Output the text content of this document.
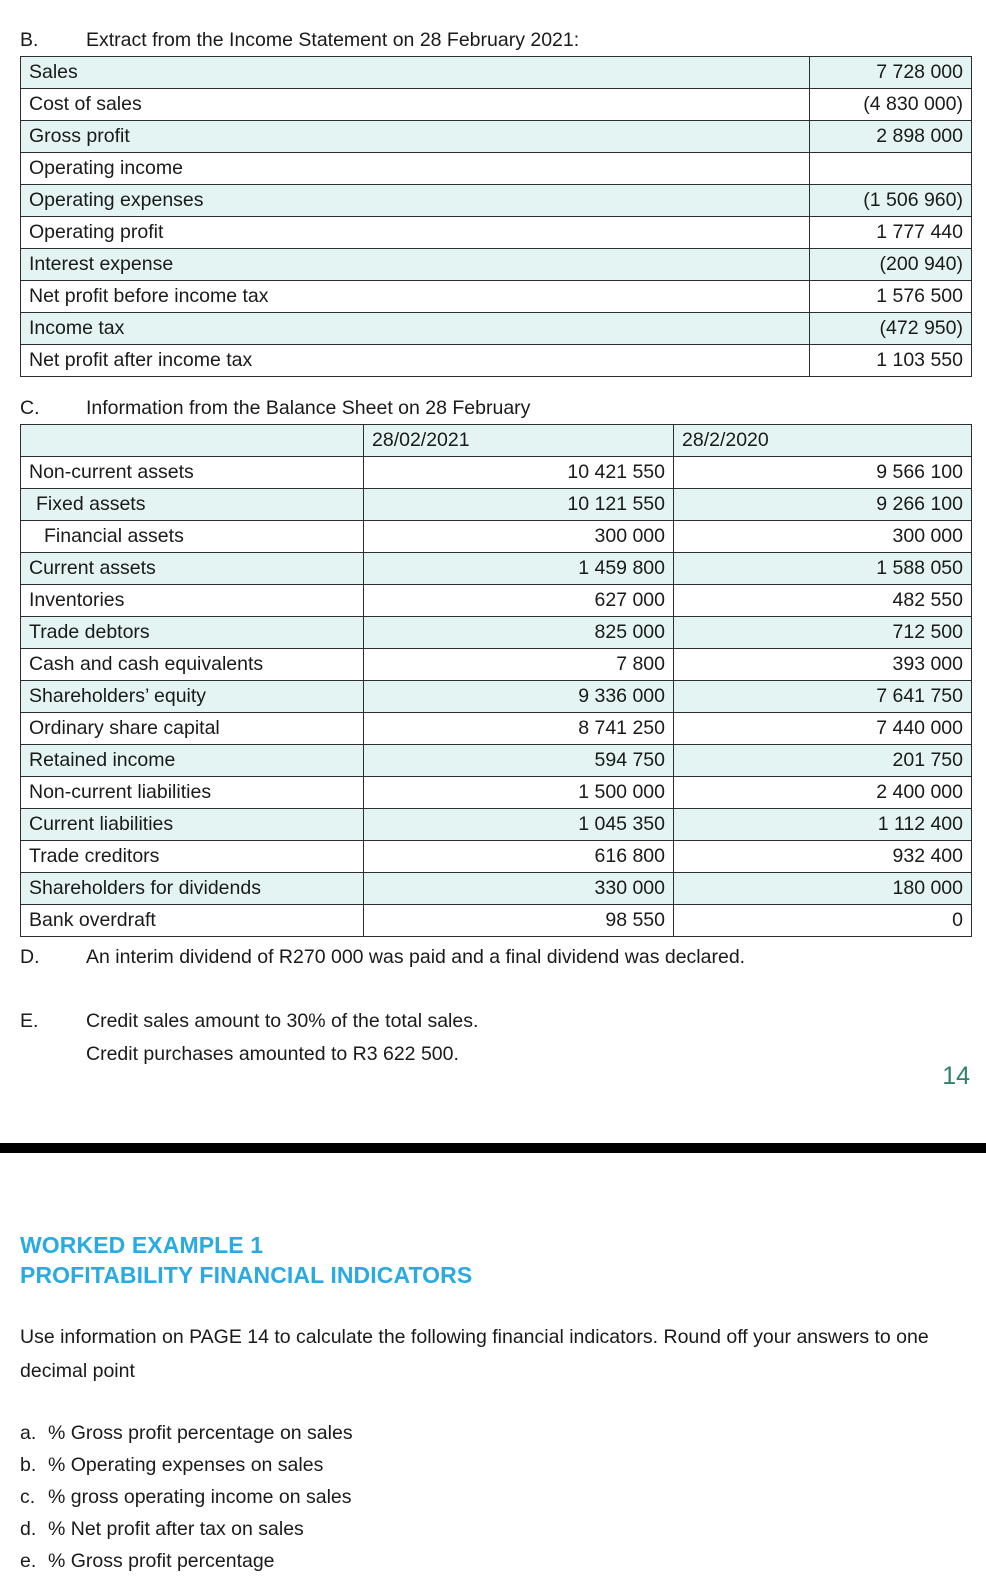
B. Extract from the Income Statement on 28 February 2021:
Sales	7 728 000
Cost of sales	(4 830 000)
Gross profit	2 898 000
Operating income	
Operating expenses	(1 506 960)
Operating profit	1 777 440
Interest expense	(200 940)
Net profit before income tax	1 576 500
Income tax	(472 950)
Net profit after income tax	1 103 550
C. Information from the Balance Sheet on 28 February
	28/02/2021	28/2/2020
Non-current assets	10 421 550	9 566 100
Fixed assets	10 121 550	9 266 100
Financial assets	300 000	300 000
Current assets	1 459 800	1 588 050
Inventories	627 000	482 550
Trade debtors	825 000	712 500
Cash and cash equivalents	7 800	393 000
Shareholders’ equity	9 336 000	7 641 750
Ordinary share capital	8 741 250	7 440 000
Retained income	594 750	201 750
Non-current liabilities	1 500 000	2 400 000
Current liabilities	1 045 350	1 112 400
Trade creditors	616 800	932 400
Shareholders for dividends	330 000	180 000
Bank overdraft	98 550	0
D. An interim dividend of R270 000 was paid and a final dividend was declared.
E. Credit sales amount to 30% of the total sales.
Credit purchases amounted to R3 622 500.
14
WORKED EXAMPLE 1
PROFITABILITY FINANCIAL INDICATORS
Use information on PAGE 14 to calculate the following financial indicators. Round off your answers to one decimal point
a. % Gross profit percentage on sales
b. % Operating expenses on sales
c. % gross operating income on sales
d. % Net profit after tax on sales
e. % Gross profit percentage
